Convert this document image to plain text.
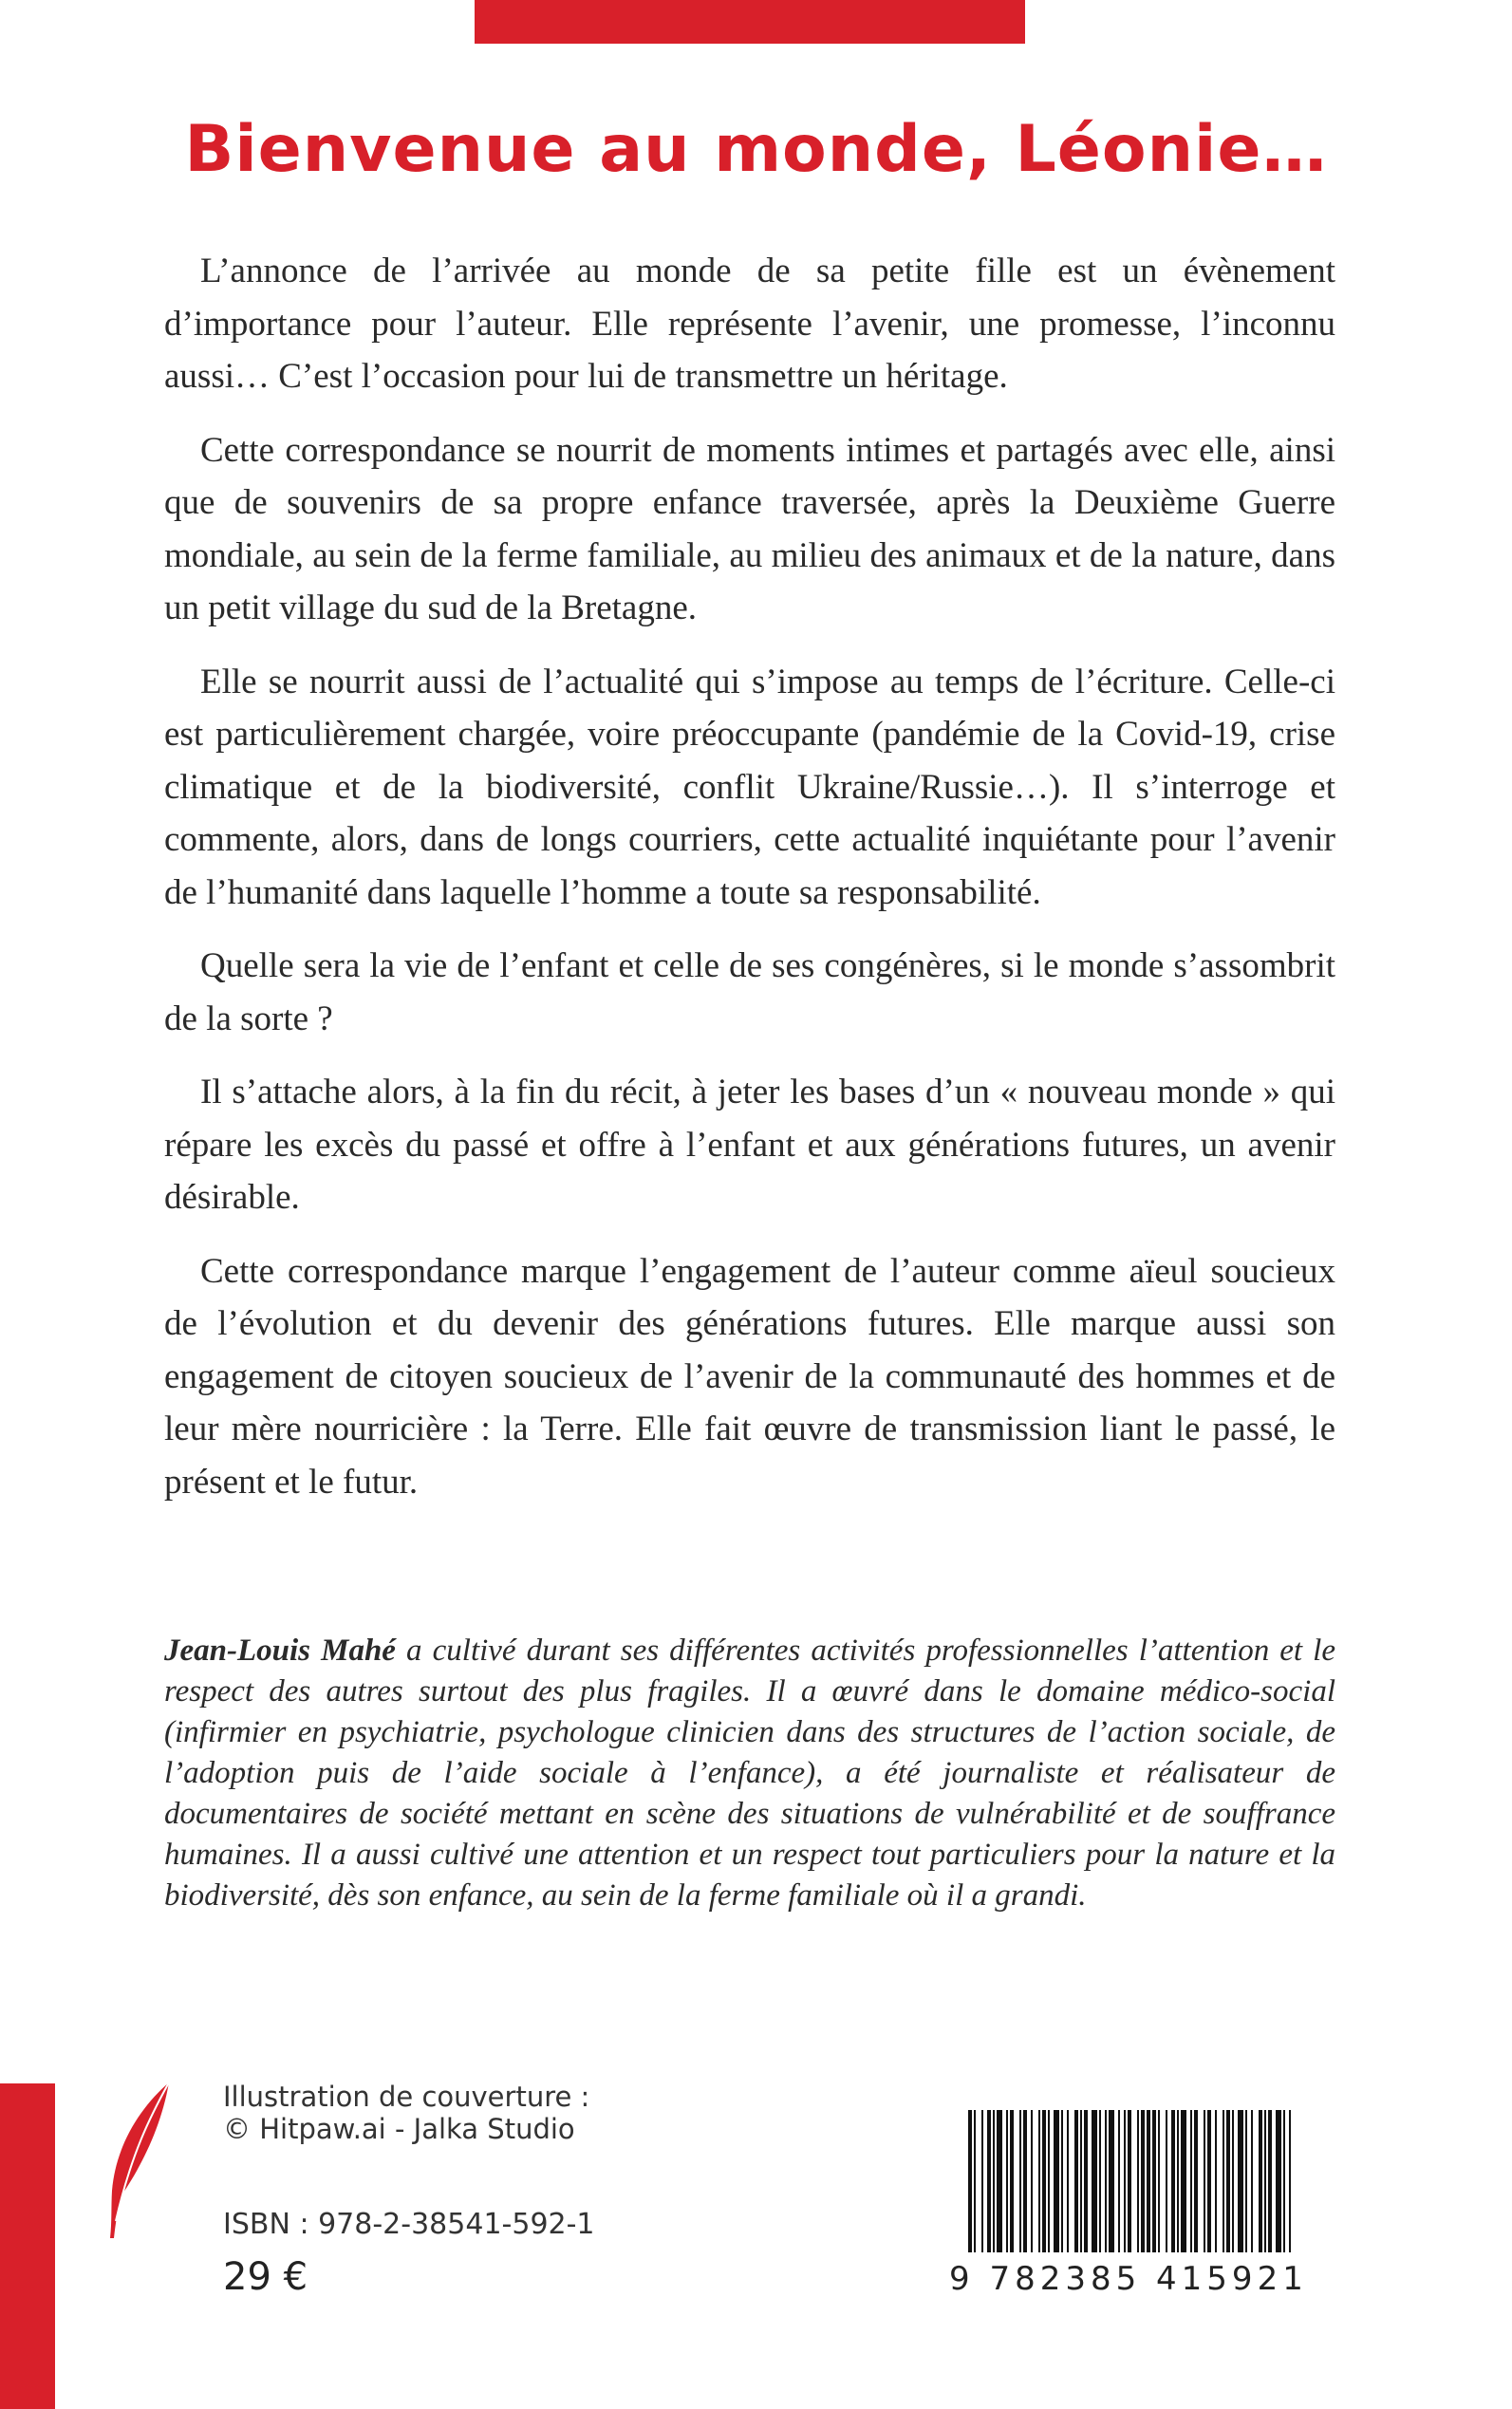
Bienvenue au monde, Léonie…

L’annonce de l’arrivée au monde de sa petite fille est un évènement d’importance pour l’auteur. Elle représente l’avenir, une promesse, l’inconnu aussi… C’est l’occasion pour lui de transmettre un héritage.

Cette correspondance se nourrit de moments intimes et partagés avec elle, ainsi que de souvenirs de sa propre enfance traversée, après la Deuxième Guerre mondiale, au sein de la ferme familiale, au milieu des animaux et de la nature, dans un petit village du sud de la Bretagne.

Elle se nourrit aussi de l’actualité qui s’impose au temps de l’écriture. Celle-ci est particulièrement chargée, voire préoccupante (pandémie de la Covid-19, crise climatique et de la biodiversité, conflit Ukraine/Russie…). Il s’interroge et commente, alors, dans de longs courriers, cette actualité inquiétante pour l’avenir de l’humanité dans laquelle l’homme a toute sa responsabilité.

Quelle sera la vie de l’enfant et celle de ses congénères, si le monde s’assombrit de la sorte ?

Il s’attache alors, à la fin du récit, à jeter les bases d’un « nouveau monde » qui répare les excès du passé et offre à l’enfant et aux générations futures, un avenir désirable.

Cette correspondance marque l’engagement de l’auteur comme aïeul soucieux de l’évolution et du devenir des générations futures. Elle marque aussi son engagement de citoyen soucieux de l’avenir de la communauté des hommes et de leur mère nourricière : la Terre. Elle fait œuvre de transmission liant le passé, le présent et le futur.

Jean-Louis Mahé a cultivé durant ses différentes activités professionnelles l’attention et le respect des autres surtout des plus fragiles. Il a œuvré dans le domaine médico-social (infirmier en psychiatrie, psychologue clinicien dans des structures de l’action sociale, de l’adoption puis de l’aide sociale à l’enfance), a été journaliste et réalisateur de documentaires de société mettant en scène des situations de vulnérabilité et de souffrance humaines. Il a aussi cultivé une attention et un respect tout particuliers pour la nature et la biodiversité, dès son enfance, au sein de la ferme familiale où il a grandi.

Illustration de couverture :
© Hitpaw.ai - Jalka Studio
ISBN : 978-2-38541-592-1
29 €	9 782385 415921
